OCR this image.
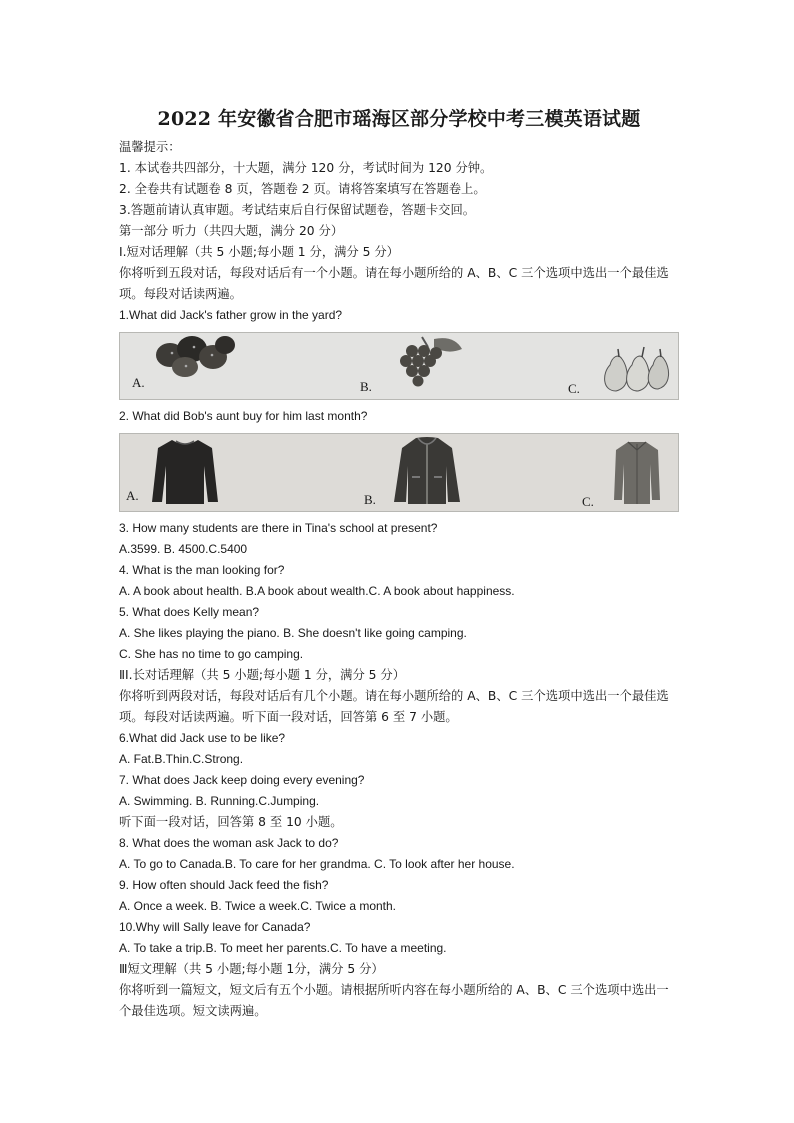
2022 年安徽省合肥市瑶海区部分学校中考三模英语试题

温馨提示：

1. 本试卷共四部分，十大题，满分 120 分，考试时间为 120 分钟。

2. 全卷共有试题卷 8 页，答题卷 2 页。请将答案填写在答题卷上。

3.答题前请认真审题。考试结束后自行保留试题卷，答题卡交回。

第一部分 听力（共四大题，满分 20 分）

I.短对话理解（共 5 小题;每小题 1 分，满分 5 分）

你将听到五段对话，每段对话后有一个小题。请在每小题所给的 A、B、C 三个选项中选出一个最佳选项。每段对话读两遍。

1.What did Jack's father grow in the yard?

A.	B.	C.

2. What did Bob's aunt buy for him last month?

A.	B.	C.

3. How many students are there in Tina's school at present?

A.3599. B. 4500.C.5400

4. What is the man looking for?

A. A book about health. B.A book about wealth.C. A book about happiness.

5. What does Kelly mean?

A. She likes playing the piano. B. She doesn't like going camping.

C. She has no time to go camping.

ⅡI.长对话理解（共 5 小题;每小题 1 分，满分 5 分）

你将听到两段对话，每段对话后有几个小题。请在每小题所给的 A、B、C 三个选项中选出一个最佳选项。每段对话读两遍。听下面一段对话，回答第 6 至 7 小题。

6.What did Jack use to be like?

A. Fat.B.Thin.C.Strong.

7. What does Jack keep doing every evening?

A. Swimming. B. Running.C.Jumping.

听下面一段对话，回答第 8 至 10 小题。

8. What does the woman ask Jack to do?

A. To go to Canada.B. To care for her grandma. C. To look after her house.

9. How often should Jack feed the fish?

A. Once a week. B. Twice a week.C. Twice a month.

10.Why will Sally leave for Canada?

A. To take a trip.B. To meet her parents.C. To have a meeting.

Ⅲ短文理解（共 5 小题;每小题 1分，满分 5 分）

你将听到一篇短文，短文后有五个小题。请根据所听内容在每小题所给的 A、B、C 三个选项中选出一个最佳选项。短文读两遍。
